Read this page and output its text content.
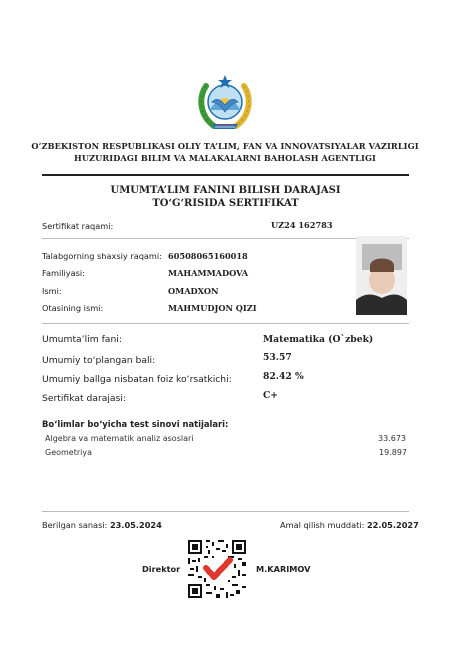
O‘ZBEKISTON RESPUBLIKASI OLIY TA’LIM, FAN VA INNOVATSIYALAR VAZIRLIGI
HUZURIDAGI BILIM VA MALAKALARNI BAHOLASH AGENTLIGI
UMUMTA’LIM FANINI BILISH DARAJASI
TO‘G‘RISIDA SERTIFIKAT
Sertifikat raqami:	UZ24 162783
Talabgorning shaxsiy raqami: 60508065160018
Familiyasi:	MAHAMMADOVA
Ismi:	OMADXON
Otasining ismi:	MAHMUDJON QIZI
Umumta’lim fani:	Matematika (O`zbek)
Umumiy to‘plangan bali:	53.57
Umumiy ballga nisbatan foiz ko‘rsatkichi:	82.42 %
Sertifikat darajasi:	C+
Bo‘limlar bo‘yicha test sinovi natijalari:
Algebra va matematik analiz asoslari	33.673
Geometriya	19.897
Berilgan sanasi: 23.05.2024	Amal qilish muddati: 22.05.2027
Direktor	M.KARIMOV
